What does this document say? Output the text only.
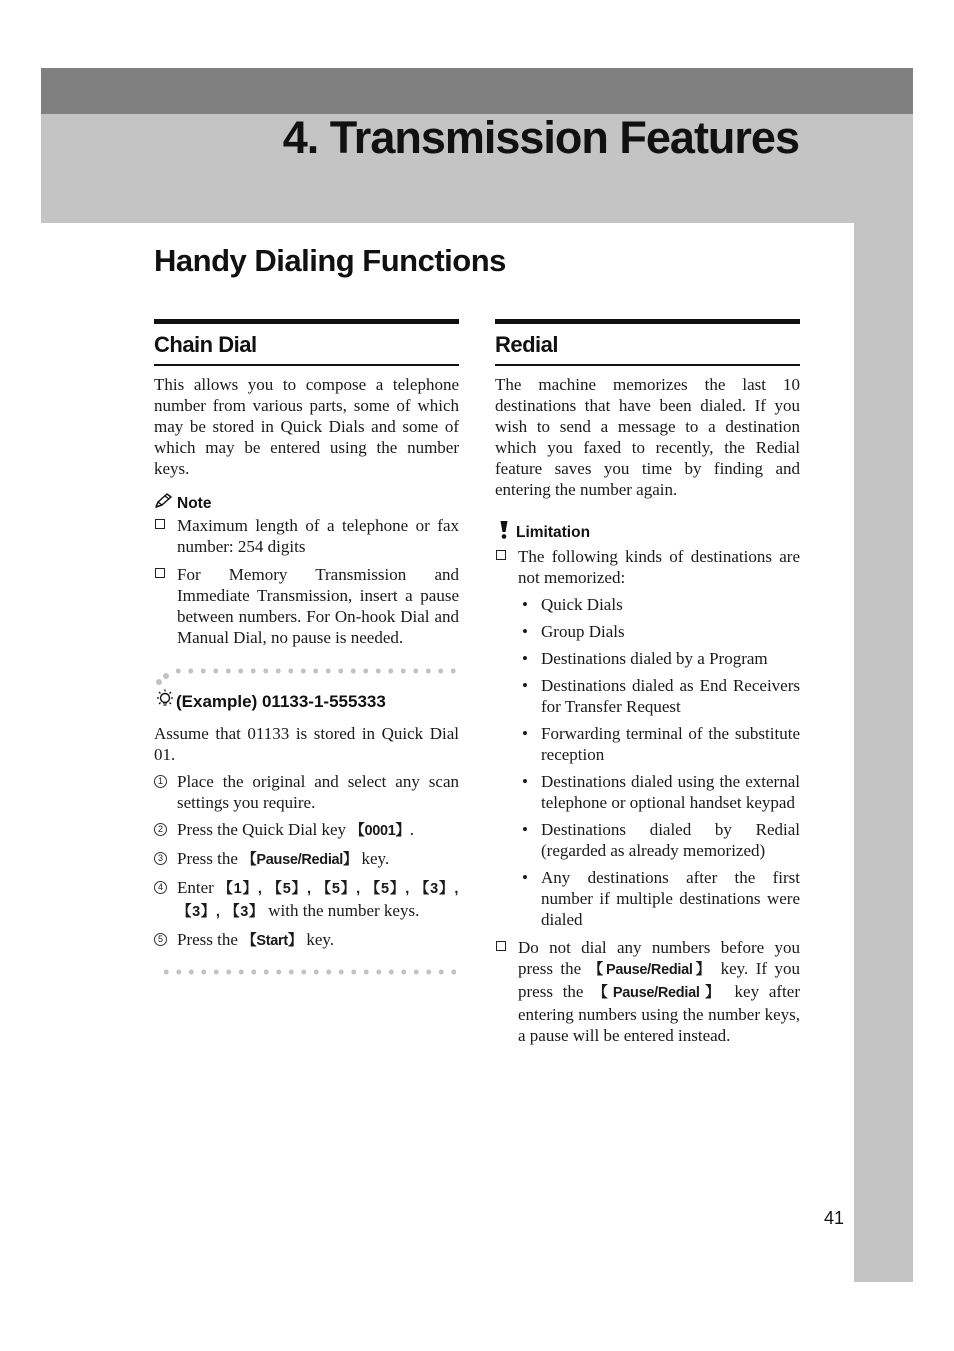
4. Transmission Features
Handy Dialing Functions
Chain Dial

This allows you to compose a telephone number from various parts, some of which may be stored in Quick Dials and some of which may be entered using the number keys.

Note
Maximum length of a telephone or fax number: 254 digits
For Memory Transmission and Immediate Transmission, insert a pause between numbers. For On-hook Dial and Manual Dial, no pause is needed.
(Example) 01133-1-555333

Assume that 01133 is stored in Quick Dial 01.

1 Place the original and select any scan settings you require.
2 Press the Quick Dial key 【0001】.
3 Press the 【Pause/Redial】 key.
4 Enter 【1】, 【5】, 【5】, 【5】, 【3】, 【3】, 【3】 with the number keys.
5 Press the 【Start】 key.
Redial

The machine memorizes the last 10 destinations that have been dialed. If you wish to send a message to a destination which you faxed to recently, the Redial feature saves you time by finding and entering the number again.

Limitation
The following kinds of destinations are not memorized:
• Quick Dials
• Group Dials
• Destinations dialed by a Program
• Destinations dialed as End Receivers for Transfer Request
• Forwarding terminal of the substitute reception
• Destinations dialed using the external telephone or optional handset keypad
• Destinations dialed by Redial (regarded as already memorized)
• Any destinations after the first number if multiple destinations were dialed
Do not dial any numbers before you press the 【Pause/Redial】 key. If you press the 【Pause/Redial】 key after entering numbers using the number keys, a pause will be entered instead.
41
